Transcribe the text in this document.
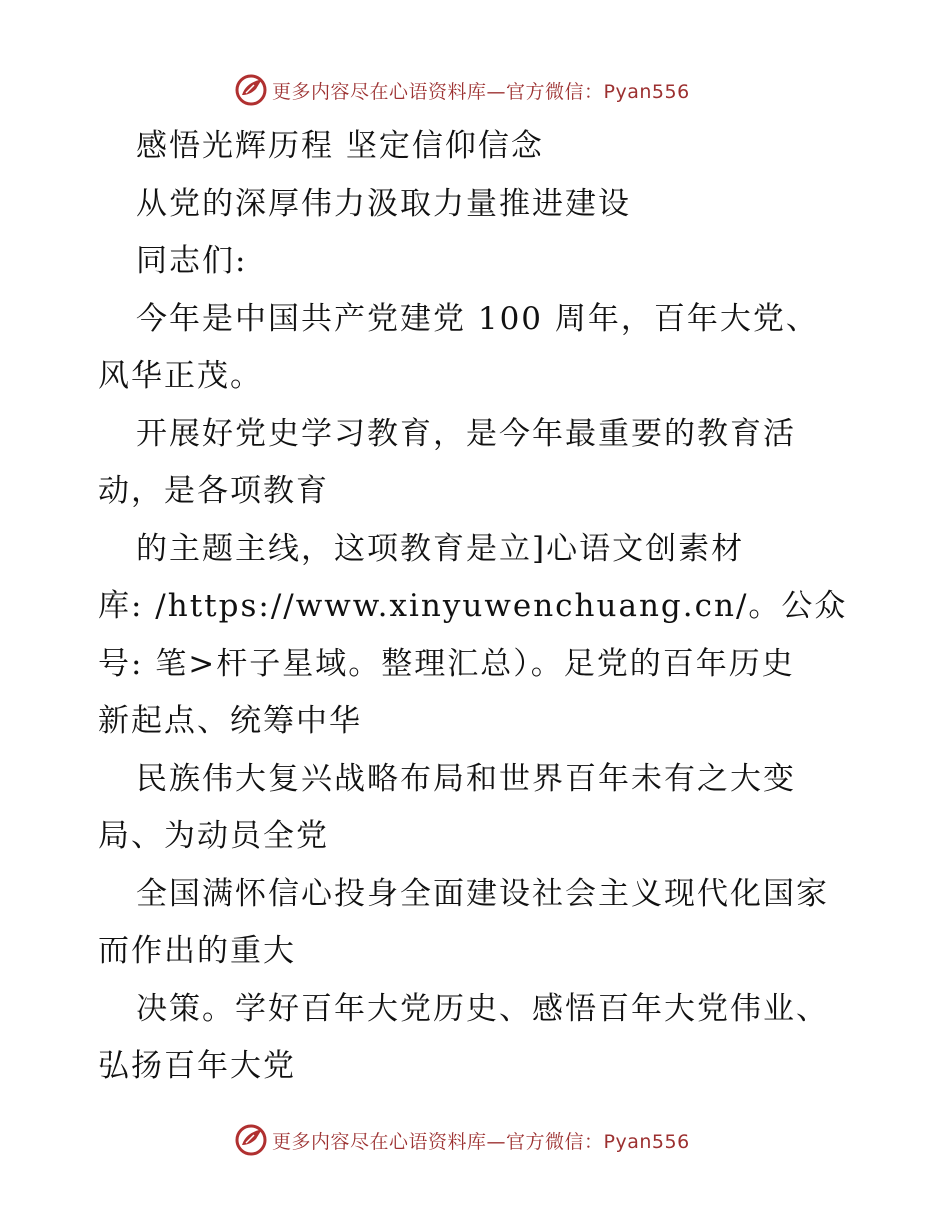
更多内容尽在心语资料库—官方微信：Pyan556
感悟光辉历程 坚定信仰信念
从党的深厚伟力汲取力量推进建设
同志们:
今年是中国共产党建党 100 周年，百年大党、
风华正茂。
开展好党史学习教育，是今年最重要的教育活
动，是各项教育
的主题主线，这项教育是立]心语文创素材
库: /https://www.xinyuwenchuang.cn/。公众
号: 笔>杆子星域。整理汇总）。足党的百年历史
新起点、统筹中华
民族伟大复兴战略布局和世界百年未有之大变
局、为动员全党
全国满怀信心投身全面建设社会主义现代化国家
而作出的重大
决策。学好百年大党历史、感悟百年大党伟业、
弘扬百年大党
更多内容尽在心语资料库—官方微信：Pyan556
